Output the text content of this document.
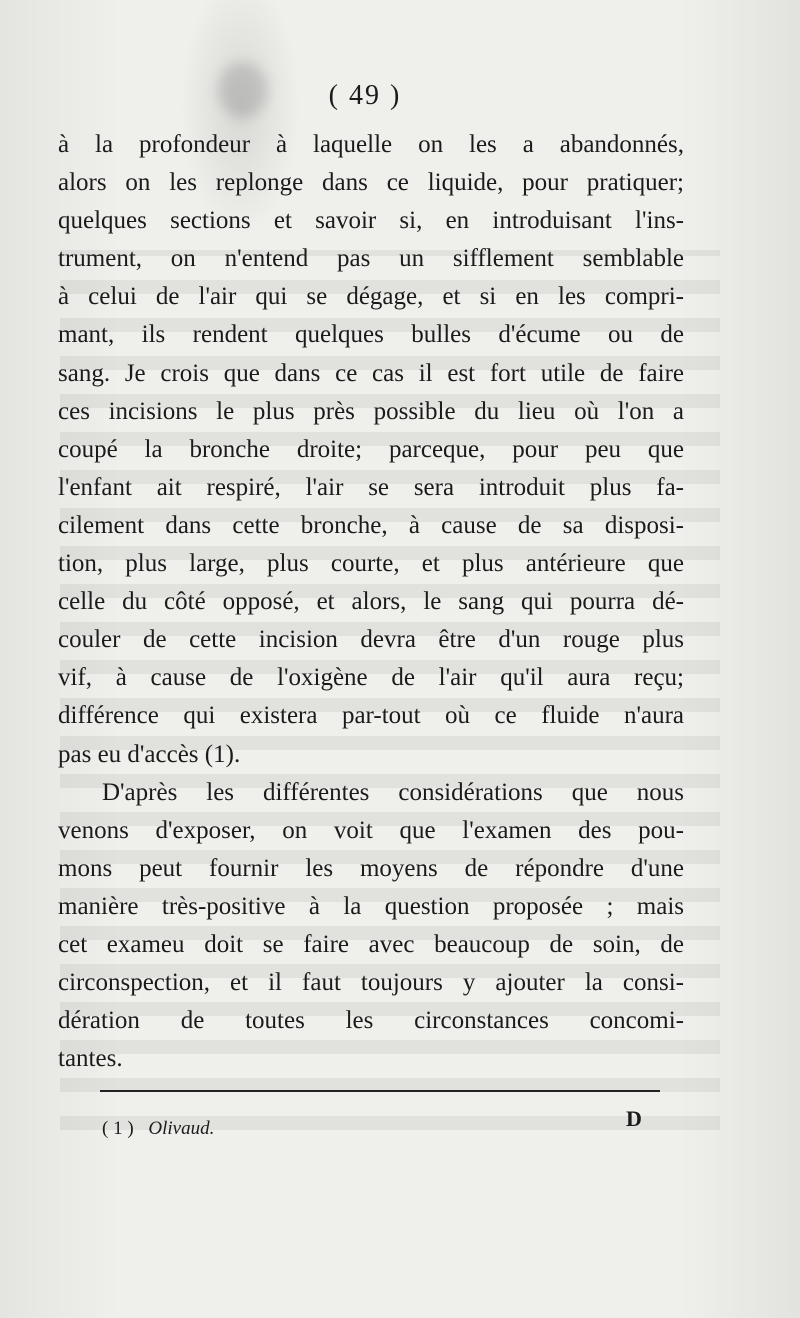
( 49 )
à la profondeur à laquelle on les a abandonnés,
alors on les replonge dans ce liquide, pour pratiquer;
quelques sections et savoir si, en introduisant l'ins-
trument, on n'entend pas un sifflement semblable
à celui de l'air qui se dégage, et si en les compri-
mant, ils rendent quelques bulles d'écume ou de
sang. Je crois que dans ce cas il est fort utile de faire
ces incisions le plus près possible du lieu où l'on a
coupé la bronche droite; parceque, pour peu que
l'enfant ait respiré, l'air se sera introduit plus fa-
cilement dans cette bronche, à cause de sa disposi-
tion, plus large, plus courte, et plus antérieure que
celle du côté opposé, et alors, le sang qui pourra dé-
couler de cette incision devra être d'un rouge plus
vif, à cause de l'oxigène de l'air qu'il aura reçu;
différence qui existera par-tout où ce fluide n'aura
pas eu d'accès (1).
D'après les différentes considérations que nous
venons d'exposer, on voit que l'examen des pou-
mons peut fournir les moyens de répondre d'une
manière très-positive à la question proposée ; mais
cet exameu doit se faire avec beaucoup de soin, de
circonspection, et il faut toujours y ajouter la consi-
dération de toutes les circonstances concomi-
tantes.
( 1 ) Olivaud.	D
